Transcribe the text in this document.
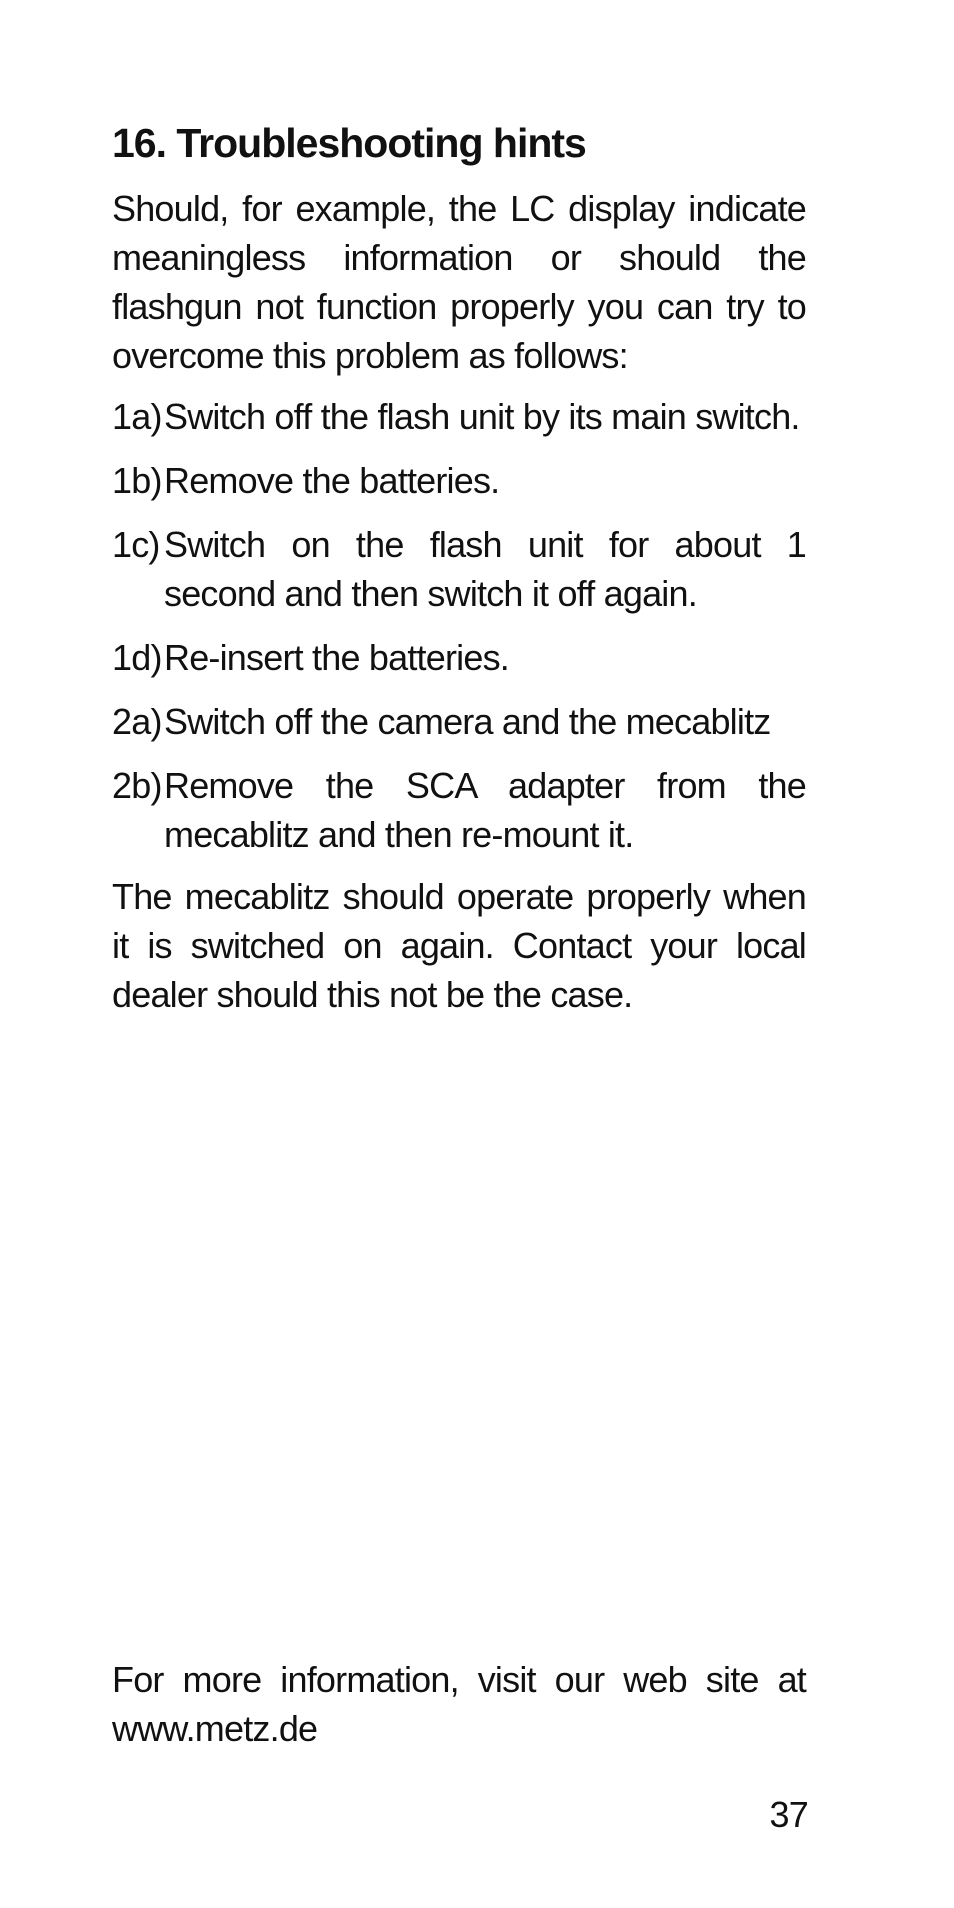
16. Troubleshooting hints

Should, for example, the LC display indicate meaningless information or should the flashgun not function properly you can try to overcome this problem as follows:

1a) Switch off the flash unit by its main switch.
1b) Remove the batteries.
1c) Switch on the flash unit for about 1 second and then switch it off again.
1d) Re-insert the batteries.
2a) Switch off the camera and the mecablitz
2b) Remove the SCA adapter from the mecablitz and then re-mount it.

The mecablitz should operate properly when it is switched on again. Contact your local dealer should this not be the case.

For more information, visit our web site at www.metz.de

37
